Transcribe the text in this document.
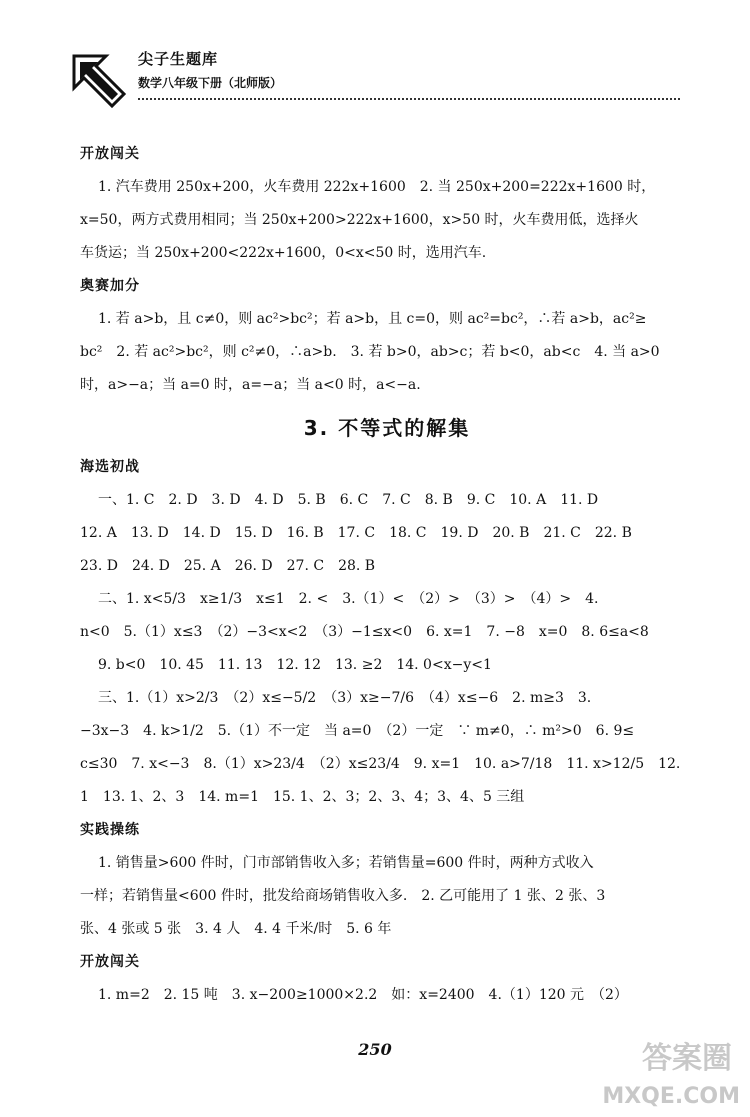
尖子生题库
数学八年级下册（北师版）
开放闯关
1. 汽车费用 250x+200，火车费用 222x+1600　2. 当 250x+200=222x+1600 时，
x=50，两方式费用相同；当 250x+200>222x+1600，x>50 时，火车费用低，选择火
车货运；当 250x+200<222x+1600，0<x<50 时，选用汽车.
奥赛加分
1. 若 a>b，且 c≠0，则 ac²>bc²；若 a>b，且 c=0，则 ac²=bc²，∴若 a>b，ac²≥
bc²　2. 若 ac²>bc²，则 c²≠0，∴a>b.　3. 若 b>0，ab>c；若 b<0，ab<c　4. 当 a>0
时，a>−a；当 a=0 时，a=−a；当 a<0 时，a<−a.
3. 不等式的解集
海选初战
一、1. C　2. D　3. D　4. D　5. B　6. C　7. C　8. B　9. C　10. A　11. D
12. A　13. D　14. D　15. D　16. B　17. C　18. C　19. D　20. B　21. C　22. B
23. D　24. D　25. A　26. D　27. C　28. B
二、1. x<5/3　x≥1/3　x≤1　2. <　3.（1）<　（2）>　（3）>　（4）>　4.
n<0　5.（1）x≤3　（2）−3<x<2　（3）−1≤x<0　6. x=1　7. −8　x=0　8. 6≤a<8
9. b<0　10. 45　11. 13　12. 12　13. ≥2　14. 0<x−y<1
三、1.（1）x>2/3　（2）x≤−5/2　（3）x≥−7/6　（4）x≤−6　2. m≥3　3.
−3x−3　4. k>1/2　5.（1）不一定　当 a=0　（2）一定　∵ m≠0，∴ m²>0　6. 9≤
c≤30　7. x<−3　8.（1）x>23/4　（2）x≤23/4　9. x=1　10. a>7/18　11. x>12/5　12.
1　13. 1、2、3　14. m=1　15. 1、2、3；2、3、4；3、4、5 三组
实践操练
1. 销售量>600 件时，门市部销售收入多；若销售量=600 件时，两种方式收入
一样；若销售量<600 件时，批发给商场销售收入多.　2. 乙可能用了 1 张、2 张、3
张、4 张或 5 张　3. 4 人　4. 4 千米/时　5. 6 年
开放闯关
1. m=2　2. 15 吨　3. x−200≥1000×2.2　如：x=2400　4.（1）120 元　（2）
250	答案圈
MXQE.COM
